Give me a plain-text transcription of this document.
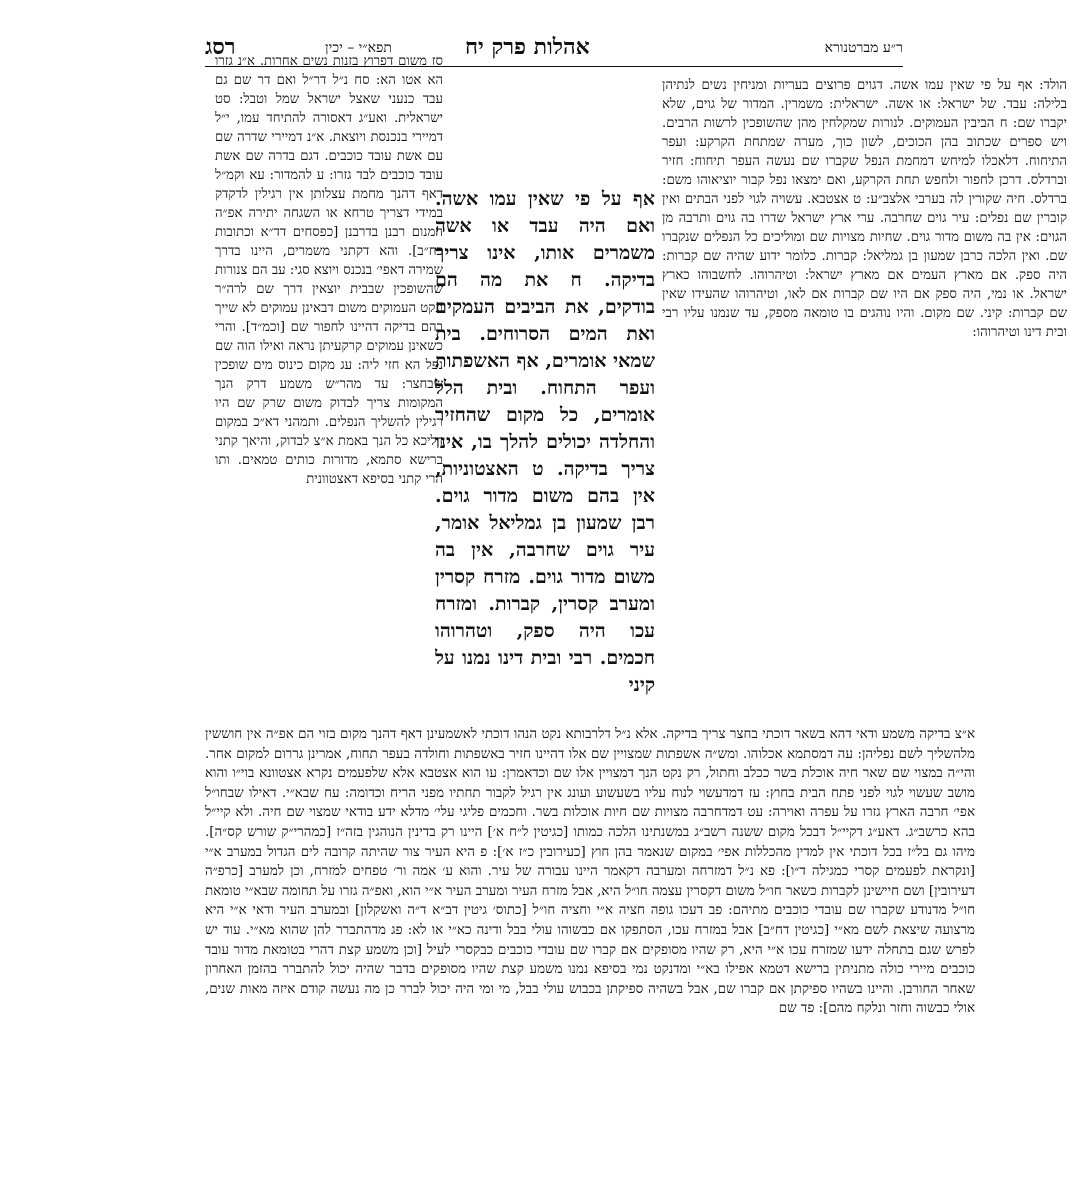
רסג	תפא״י – יכין	אהלות פרק יח	ר״ע מברטנורא

הולד: אף על פי שאין עמו אשה. דגוים פרוצים בעריות ומניחין נשים לנתיהן בלילה: עבד. של ישראל: או אשה. ישראלית: משמרין. המדור של גוים, שלא יקברו שם: ח הביבין העמוקים. לנורות שמקלחין מהן שהשופכין לרשות הרבים. ויש ספרים שכתוב בהן הכוכים, לשון כוך, מערה שמתחת הקרקע: ועפר התיחוח. דלאכלו למיחש דמחמת הנפל שקברו שם נעשה העפר תיחוח: חזיר וברדלס. דרכן לחפור ולחפש תחת הקרקע, ואם ימצאו נפל קבור יוציאוהו משם: ברדלס. חיה שקורין לה בערבי אלצב״ע: ט אצטבא. עשויה לגוי לפני הבתים ואין קוברין שם נפלים: עיר גוים שחרבה. ערי ארץ ישראל שדרו בה גוים ותרבה מן הגוים: אין בה משום מדור גוים. שחיות מצויות שם ומוליכים כל הנפלים שנקברו שם. ואין הלכה כרבן שמעון בן גמליאל: קברות. כלומר ידוע שהיה שם קברות: היה ספק. אם מארץ העמים אם מארץ ישראל: וטיהרוהו. לחשבוהו כארץ ישראל. או נמי, היה ספק אם היו שם קברות אם לאו, וטיהרוהו שהעידו שאין שם קברות: קיני. שם מקום. והיו נוהגים בו טומאה מספק, עד שנמנו עליו רבי ובית דינו וטיהרוהו:

סז משום דפרוץ בזנות נשים אחרות. א״נ גזרו הא אטו הא: סח נ״ל דר״ל ואם דר שם גם עבד כנעני שאצל ישראל שמל וטבל: סט ישראלית. ואע״ג דאסורה להתיחד עמו, י״ל דמיירי בנכנסת ויוצאת. א״נ דמיירי שדרה שם עם אשת עובד כוכבים. דגם בדרה שם אשת עובד כוכבים לבד גזרו: ע להמדור: עא וקמ״ל דאף דהנך מחמת עצלותן אין רגילין לדקדק במידי דצריך טרחא או השגחה יתירה אפ״ה המנום רבנן בדרבנן [כפסחים דד״א וכתובות כח״ב]. והא דקתני משמרים, היינו בדרך שמירה דאפי׳ בנכנס ויוצא סגי: עב הם צנורות שהשופכין שבבית יוצאין דרך שם לרה״ר ונקט העמוקים משום דבאינן עמוקים לא שייך בהם בדיקה דהיינו לחפור שם [וכמ״ד]. והרי כשאינן עמוקים קרקעיתן נראה ואילו הוה שם נפל הא חזי ליה: עג מקום כינוס מים שופכין שבחצר: עד מהר״ש משמע דרק הנך המקומות צריך לבדוק משום שרק שם היו רגילין להשליך הנפלים. ותמהני דא״כ במקום דליכא כל הנך באמת א״צ לבדוק, והיאך קתני ברישא סתמא, מדורות כותים טמאים. ותו הרי קתני בסיפא דאצטוונית

אף על פי שאין עמו אשה. ואם היה עבד או אשה משמרים אותו, אינו צריך בדיקה. ח את מה הם בודקים, את הביבים העמקים ואת המים הסרוחים. בית שמאי אומרים, אף האשפתות ועפר התחוח. ובית הלל אומרים, כל מקום שהחזיר והחלדה יכולים להלך בו, אינו צריך בדיקה. ט האצטוניות, אין בהם משום מדור גוים. רבן שמעון בן גמליאל אומר, עיר גוים שחרבה, אין בה משום מדור גוים. מזרח קסרין ומערב קסרין, קברות. ומזרח עכו היה ספק, וטהרוהו חכמים. רבי ובית דינו נמנו על קיני

א״צ בדיקה משמע ודאי דהא בשאר דוכתי בחצר צריך בדיקה. אלא נ״ל דלרבותא נקט הנהו דוכתי לאשמעינן דאף דהנך מקום בזוי הם אפ״ה אין חוששין מלהשליך לשם נפליהן: עה דמסתמא אכלוהו. ומש״ה אשפתות שמצויין שם אלו דהיינו חזיר באשפתות וחולדה בעפר תחוח, אמרינן גררום למקום אחר. והי״ה במצוי שם שאר חיה אוכלת בשר ככלב וחתול, רק נקט הנך דמצויין אלו שם וכדאמרן: עו הוא אצטבא אלא שלפעמים נקרא אצטוונא בוי״ו והוא מושב שעשוי לגוי לפני פתח הבית בחוץ: עז דמדעשוי לנוח עליו בשעשוע ועונג אין רגיל לקבור תחתיו מפני הריח וכדומה: עח שבא״י. דאילו שבחו״ל אפי׳ חרבה הארץ גזרו על עפרה ואוירה: עט דמדחרבה מצויות שם חיות אוכלות בשר. וחכמים פליגי עלי׳ מדלא ידע בודאי שמצוי שם חיה. ולא קיי״ל בהא כרשב״ג. דאע״ג דקיי״ל דבכל מקום ששנה רשב״ג במשנתינו הלכה כמותו [כגיטין ל״ח א׳] היינו רק בדינין הנוהגין בזה״ז [כמהרי״ק שורש קס״ה]. מיהו גם בל״ז בכל דוכתי אין למדין מהכללות אפי׳ במקום שנאמר בהן חוץ [כעירובין כ״ז א׳]: פ היא העיר צור שהיתה קרובה לים הגדול במערב א״י [ונקראת לפעמים קסרי כמגילה ד״ו]: פא נ״ל דמזרחה ומערבה דקאמר היינו עבורה של עיר. והוא ע׳ אמה ור׳ טפחים למזרח, וכן למערב [כרפ״ה דעירובין] ושם חיישינן לקברות כשאר חו״ל משום דקסרין עצמה חו״ל היא, אבל מזרח העיר ומערב העיר א״י הוא, ואפ״ה גזרו על תחומה שבא״י טומאת חו״ל מדנודע שקברו שם עובדי כוכבים מתיהם: פב דעכו גופה חציה א״י וחציה חו״ל [כתוס׳ גיטין דב״א ד״ה ואשקלון] ובמערב העיר ודאי א״י היא מרצועה שיצאת לשם מא״י [כגיטין דח״ב] אבל במזרח עכו, הסתפקו אם כבשוהו עולי בבל ודינה כא״י או לא: פג מדהתברר להן שהוא מא״י. עוד יש לפרש שגם בתחלה ידעו שמזרח עכו א״י היא, רק שהיו מסופקים אם קברו שם עובדי כוכבים כבקסרי לעיל [וכן משמע קצת דהרי בטומאת מדור עובד כוכבים מיירי כולה מתניתין ברישא דטמא אפילו בא״י ומדנקט נמי בסיפא נמנו משמע קצת שהיו מסופקים בדבר שהיה יכול להתברר בהזמן האחרון שאחר החורבן. והיינו בשהיו ספיקתן אם קברו שם, אבל בשהיה ספיקתן בכבוש עולי בבל, מי ומי היה יכול לברר כן מה נעשה קודם איזה מאות שנים, אולי כבשוה וחזר ונלקח מהם]: פד שם
